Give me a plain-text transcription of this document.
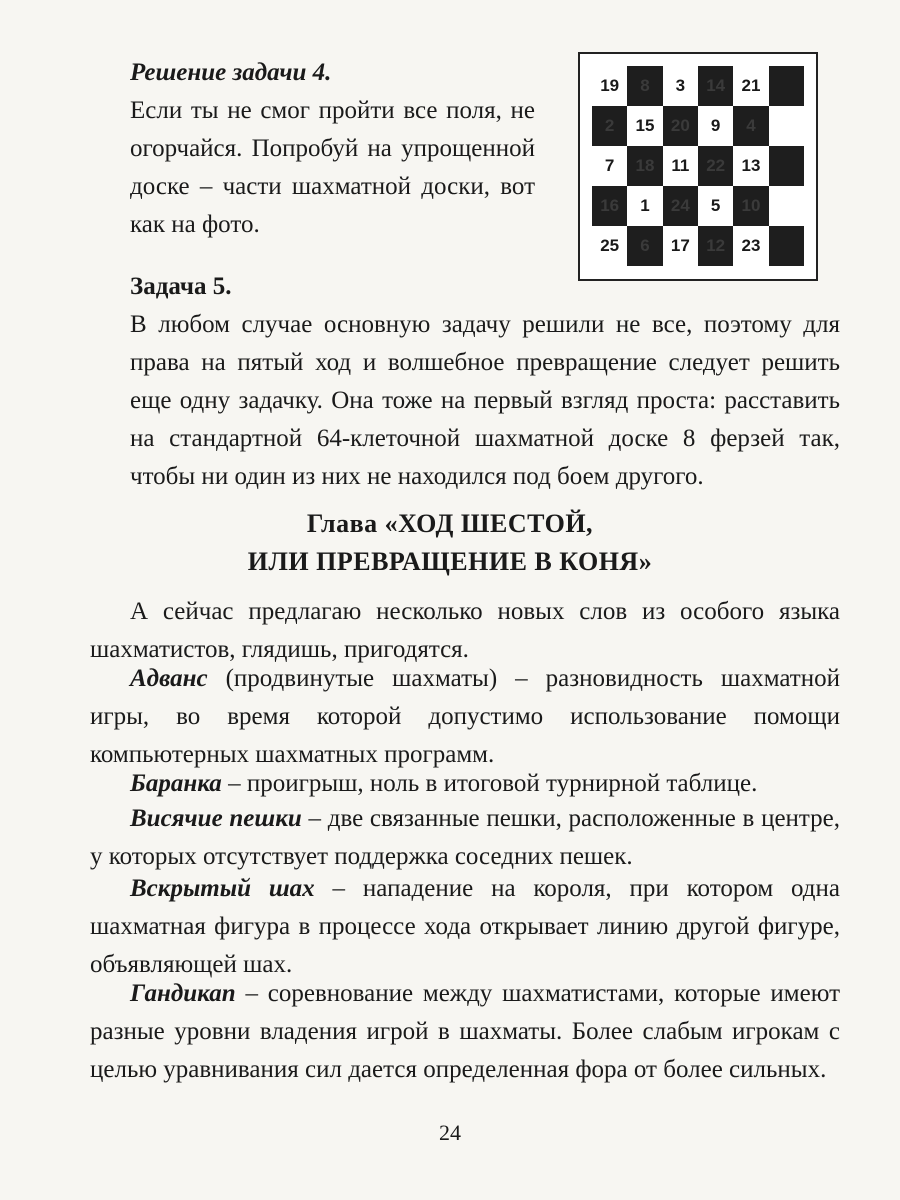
Решение задачи 4.

Если ты не смог пройти все поля, не огорчайся. Попробуй на упрощенной доске – части шахматной доски, вот как на фото.

19	8	3	14 21
2	15 20	9	4
7	18 11 22 13
16	1	24	5	10
25	6	17 12 23

Задача 5.

В любом случае основную задачу решили не все, поэтому для права на пятый ход и волшебное превращение следует решить еще одну задачку. Она тоже на первый взгляд проста: расставить на стандартной 64-клеточной шахматной доске 8 ферзей так, чтобы ни один из них не находился под боем другого.

Глава «ХОД ШЕСТОЙ,
ИЛИ ПРЕВРАЩЕНИЕ В КОНЯ»

А сейчас предлагаю несколько новых слов из особого языка шахматистов, глядишь, пригодятся.

Адванс (продвинутые шахматы) – разновидность шахматной игры, во время которой допустимо использование помощи компьютерных шахматных программ.

Баранка – проигрыш, ноль в итоговой турнирной таблице.

Висячие пешки – две связанные пешки, расположенные в центре, у которых отсутствует поддержка соседних пешек.

Вскрытый шах – нападение на короля, при котором одна шахматная фигура в процессе хода открывает линию другой фигуре, объявляющей шах.

Гандикап – соревнование между шахматистами, которые имеют разные уровни владения игрой в шахматы. Более слабым игрокам с целью уравнивания сил дается определенная фора от более сильных.

24
